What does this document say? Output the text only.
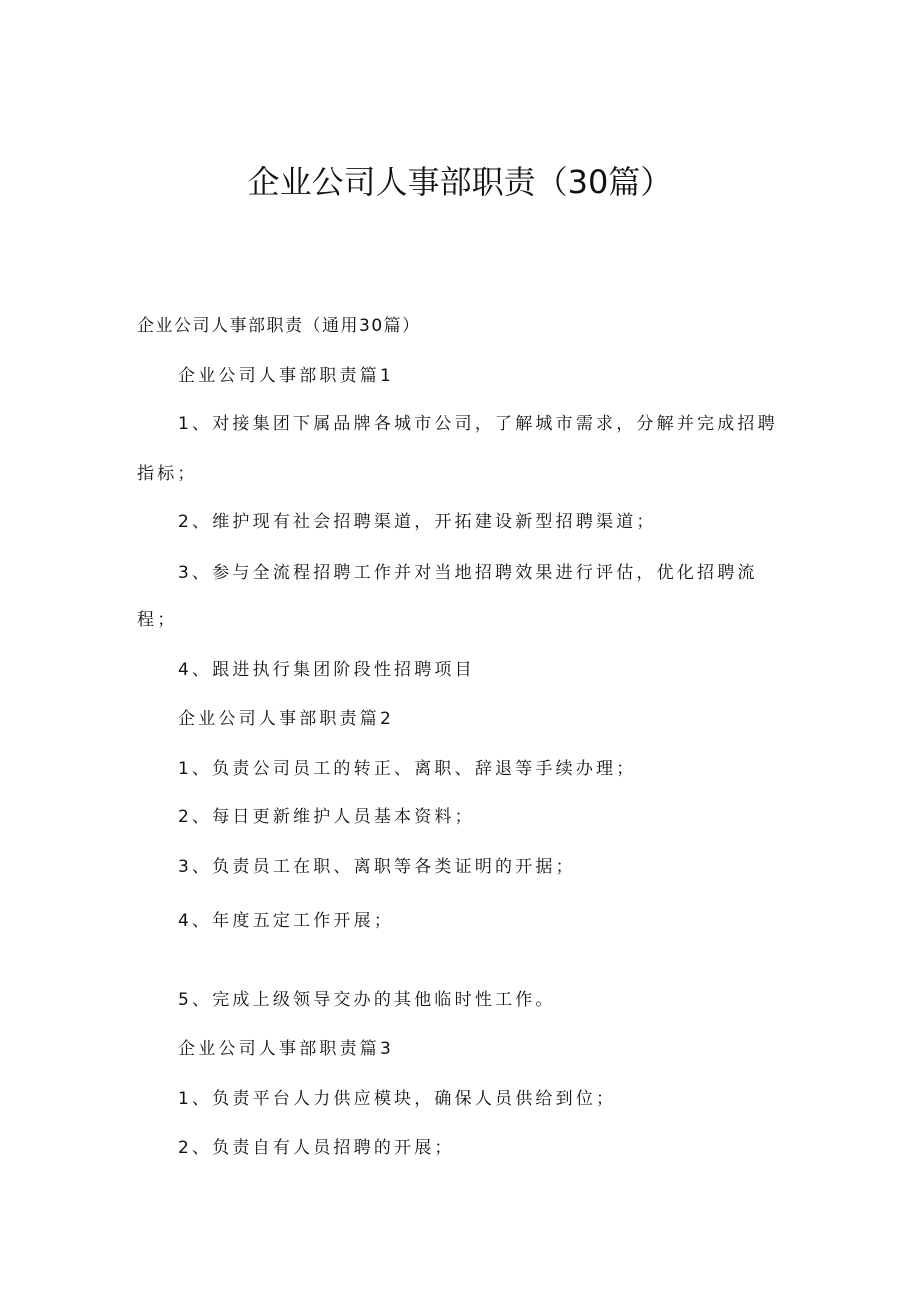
企业公司人事部职责（30篇）
企业公司人事部职责（通用30篇）
企业公司人事部职责篇1
1、对接集团下属品牌各城市公司，了解城市需求，分解并完成招聘
指标；
2、维护现有社会招聘渠道，开拓建设新型招聘渠道；
3、参与全流程招聘工作并对当地招聘效果进行评估，优化招聘流
程；
4、跟进执行集团阶段性招聘项目
企业公司人事部职责篇2
1、负责公司员工的转正、离职、辞退等手续办理；
2、每日更新维护人员基本资料；
3、负责员工在职、离职等各类证明的开据；
4、年度五定工作开展；
5、完成上级领导交办的其他临时性工作。
企业公司人事部职责篇3
1、负责平台人力供应模块，确保人员供给到位；
2、负责自有人员招聘的开展；
